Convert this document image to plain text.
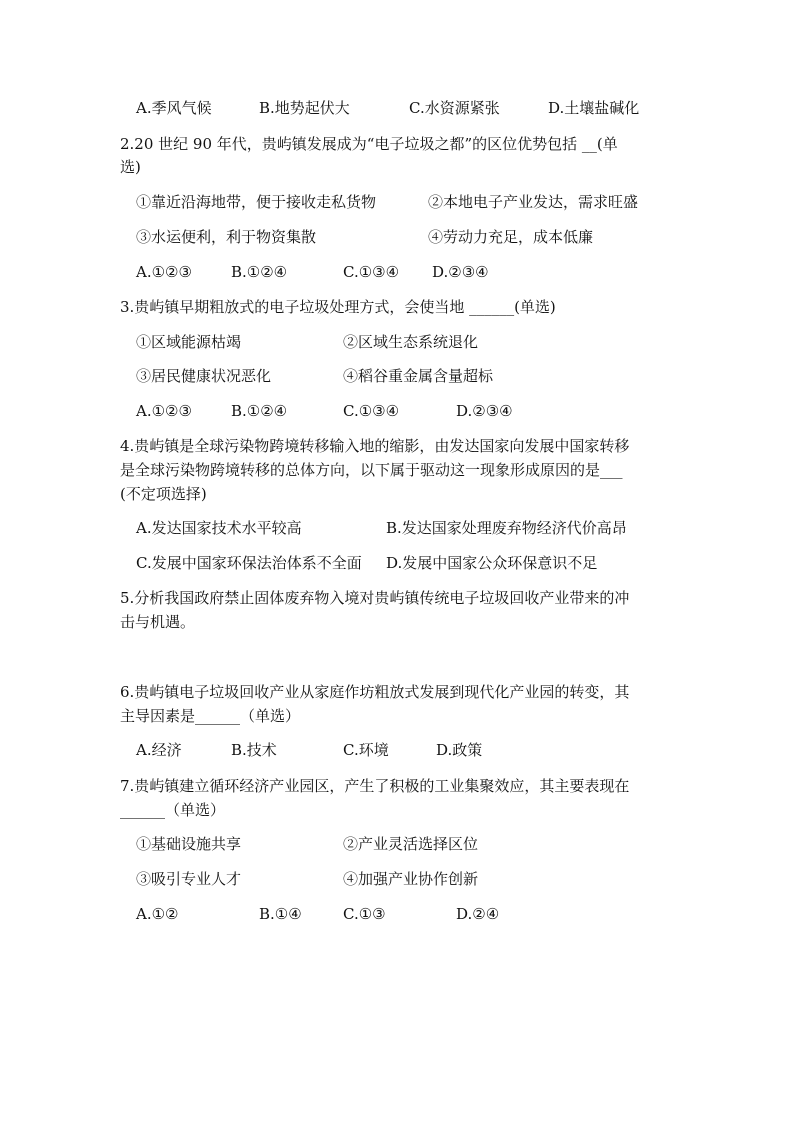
A.季风气候	B.地势起伏大	C.水资源紧张	D.土壤盐碱化
2.20 世纪 90 年代，贵屿镇发展成为“电子垃圾之都”的区位优势包括 __(单
选)
①靠近沿海地带，便于接收走私货物	②本地电子产业发达，需求旺盛
③水运便利，利于物资集散	④劳动力充足，成本低廉
A.①②③	B.①②④	C.①③④ D.②③④
3.贵屿镇早期粗放式的电子垃圾处理方式，会使当地 ______(单选)
①区域能源枯竭	②区域生态系统退化
③居民健康状况恶化	④稻谷重金属含量超标
A.①②③	B.①②④	C.①③④	D.②③④
4.贵屿镇是全球污染物跨境转移输入地的缩影，由发达国家向发展中国家转移
是全球污染物跨境转移的总体方向，以下属于驱动这一现象形成原因的是___
(不定项选择)
A.发达国家技术水平较高	B.发达国家处理废弃物经济代价高昂
C.发展中国家环保法治体系不全面 D.发展中国家公众环保意识不足
5.分析我国政府禁止固体废弃物入境对贵屿镇传统电子垃圾回收产业带来的冲
击与机遇。
6.贵屿镇电子垃圾回收产业从家庭作坊粗放式发展到现代化产业园的转变，其
主导因素是______（单选）
A.经济	B.技术	C.环境	D.政策
7.贵屿镇建立循环经济产业园区，产生了积极的工业集聚效应，其主要表现在
______（单选）
①基础设施共享	②产业灵活选择区位
③吸引专业人才	④加强产业协作创新
A.①②	B.①④	C.①③	D.②④
